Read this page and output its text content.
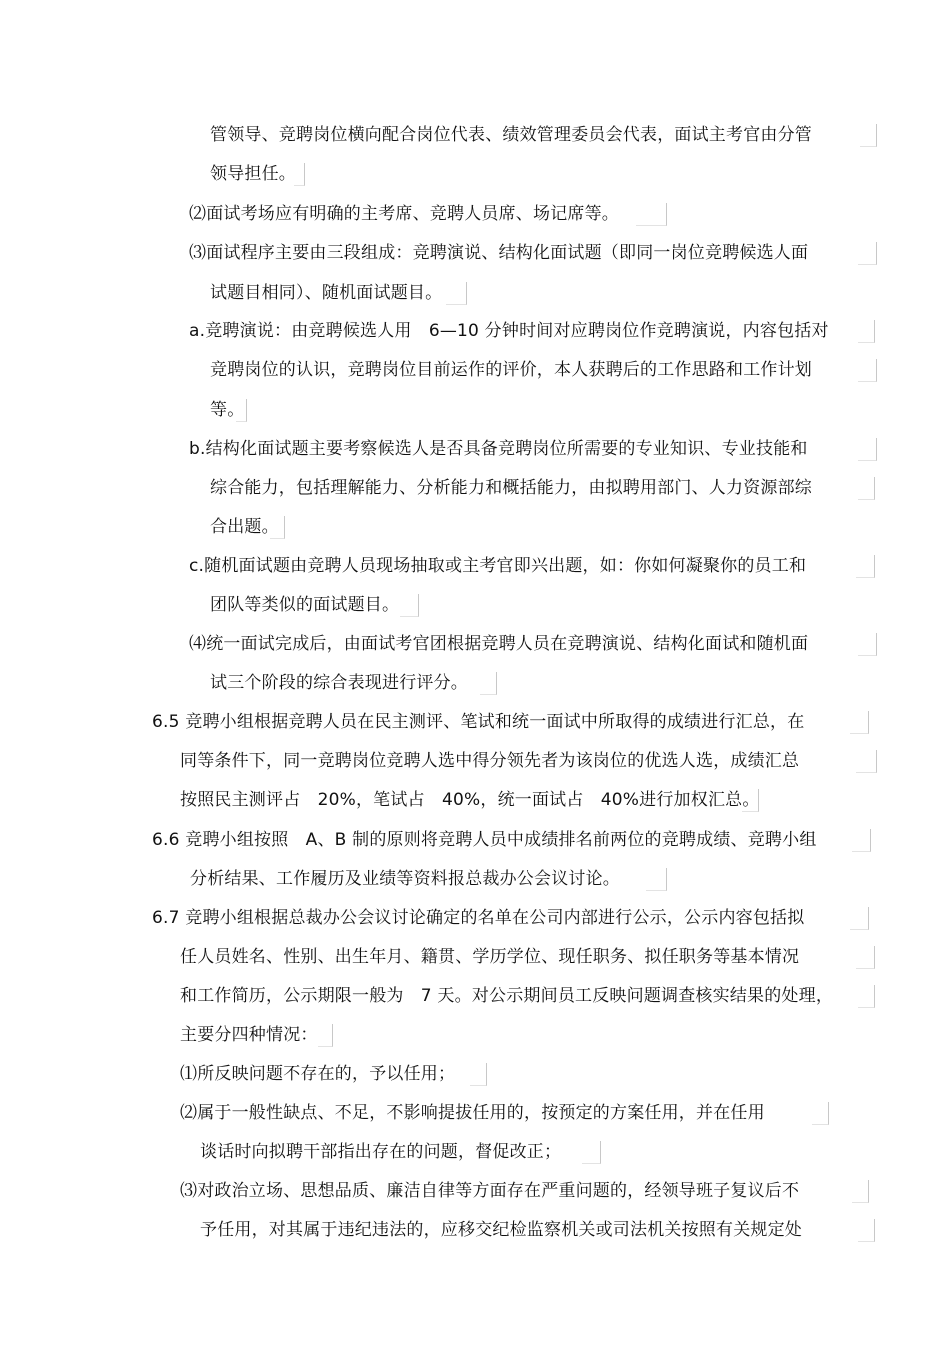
管领导、竞聘岗位横向配合岗位代表、绩效管理委员会代表，面试主考官由分管
领导担任。
⑵面试考场应有明确的主考席、竞聘人员席、场记席等。
⑶面试程序主要由三段组成：竞聘演说、结构化面试题（即同一岗位竞聘候选人面
试题目相同）、随机面试题目。
a.竞聘演说：由竞聘候选人用　6—10 分钟时间对应聘岗位作竞聘演说，内容包括对
竞聘岗位的认识，竞聘岗位目前运作的评价，本人获聘后的工作思路和工作计划
等。
b.结构化面试题主要考察候选人是否具备竞聘岗位所需要的专业知识、专业技能和
综合能力，包括理解能力、分析能力和概括能力，由拟聘用部门、人力资源部综
合出题。
c.随机面试题由竞聘人员现场抽取或主考官即兴出题，如：你如何凝聚你的员工和
团队等类似的面试题目。
⑷统一面试完成后，由面试考官团根据竞聘人员在竞聘演说、结构化面试和随机面
试三个阶段的综合表现进行评分。
6.5 竞聘小组根据竞聘人员在民主测评、笔试和统一面试中所取得的成绩进行汇总，在
同等条件下，同一竞聘岗位竞聘人选中得分领先者为该岗位的优选人选，成绩汇总
按照民主测评占　20%，笔试占　40%，统一面试占　40%进行加权汇总。
6.6 竞聘小组按照　A、B 制的原则将竞聘人员中成绩排名前两位的竞聘成绩、竞聘小组
分析结果、工作履历及业绩等资料报总裁办公会议讨论。
6.7 竞聘小组根据总裁办公会议讨论确定的名单在公司内部进行公示，公示内容包括拟
任人员姓名、性别、出生年月、籍贯、学历学位、现任职务、拟任职务等基本情况
和工作简历，公示期限一般为　7 天。对公示期间员工反映问题调查核实结果的处理，
主要分四种情况：
⑴所反映问题不存在的，予以任用；
⑵属于一般性缺点、不足，不影响提拔任用的，按预定的方案任用，并在任用
谈话时向拟聘干部指出存在的问题，督促改正；
⑶对政治立场、思想品质、廉洁自律等方面存在严重问题的，经领导班子复议后不
予任用，对其属于违纪违法的，应移交纪检监察机关或司法机关按照有关规定处
